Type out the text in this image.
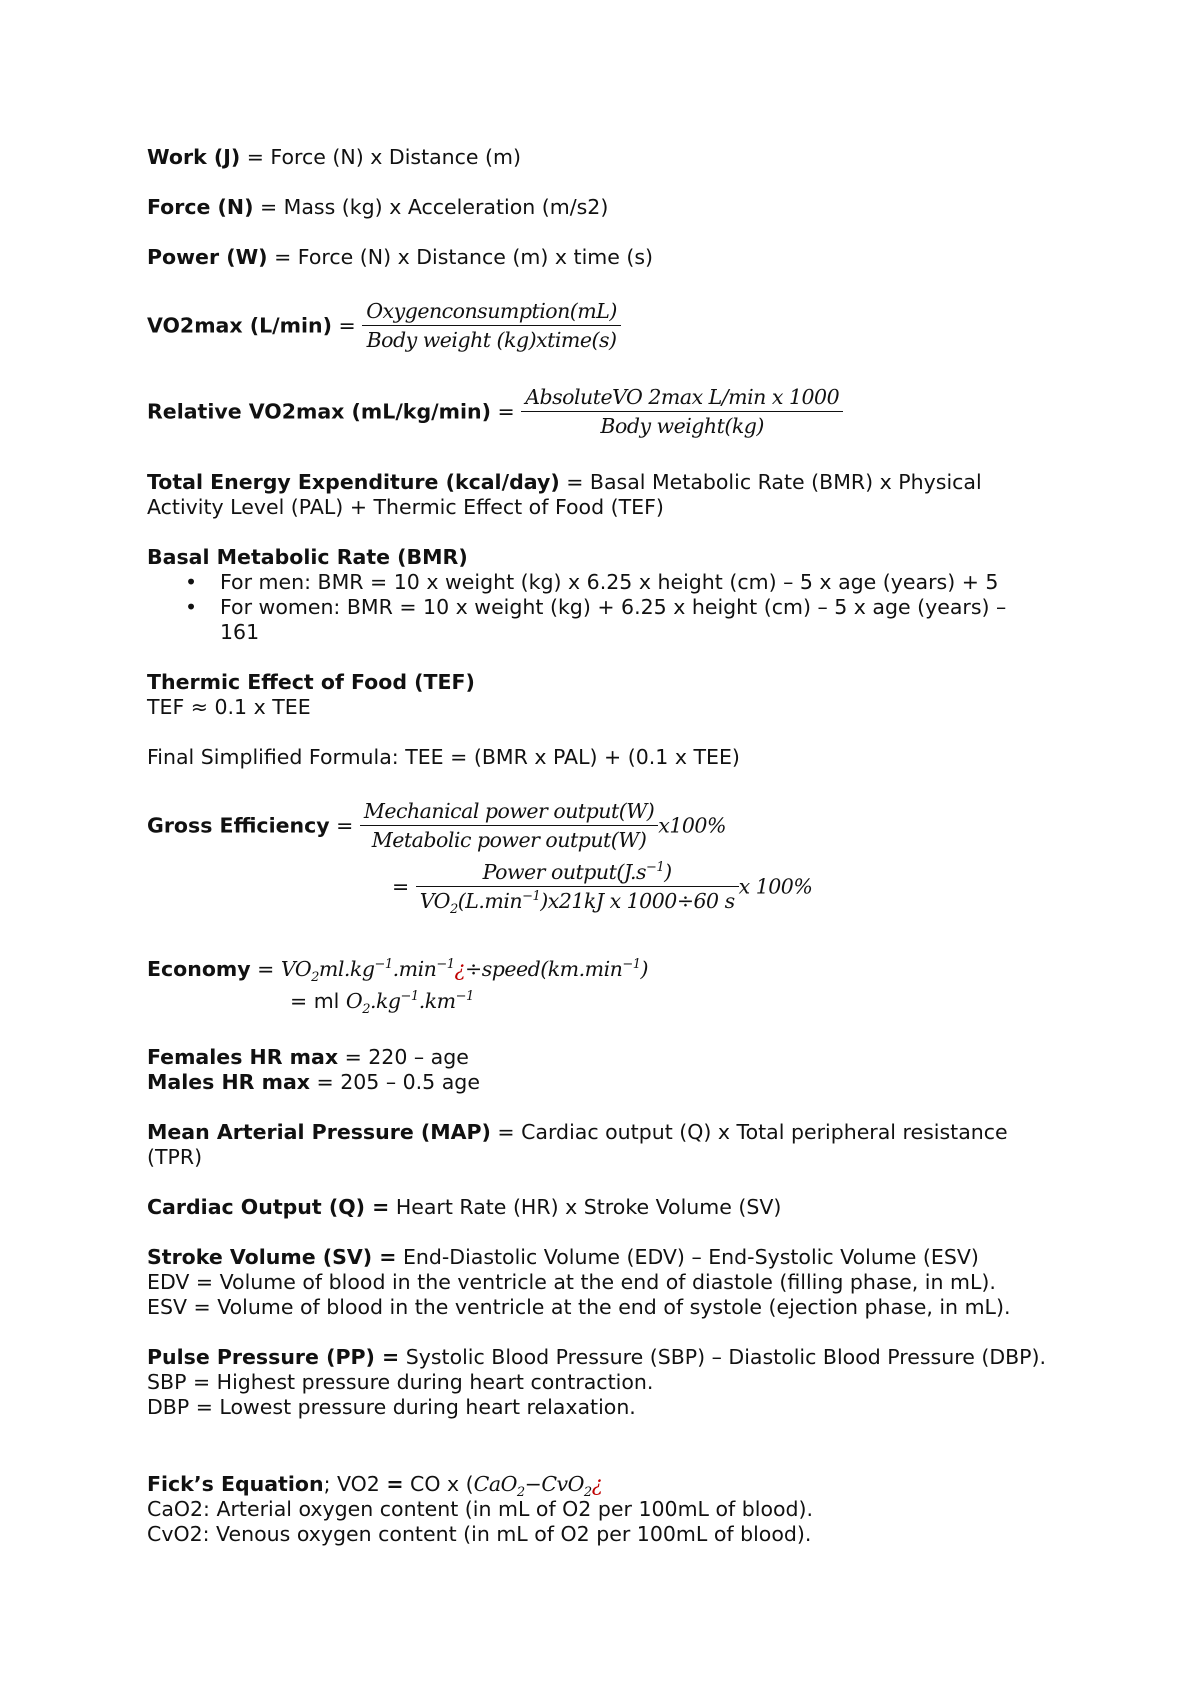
Work (J) = Force (N) x Distance (m)
Force (N) = Mass (kg) x Acceleration (m/s2)
Power (W) = Force (N) x Distance (m) x time (s)
VO2max $(L/\min) = \frac{\text{Oxygenconsumption(mL)}}{\text{Body weight (kg)xtime(s)}}$
Relative VO2max $(mL/kg/\min) = \frac{\text{AbsoluteVO 2max L/min x 1000}}{\text{Body weight(kg)}}$
Total Energy Expenditure (kcal/day) = Basal Metabolic Rate (BMR) x Physical Activity Level (PAL) + Thermic Effect of Food (TEF)
Basal Metabolic Rate (BMR)
• For men: BMR = 10 x weight (kg) x 6.25 x height (cm) – 5 x age (years) + 5
• For women: BMR = 10 x weight (kg) + 6.25 x height (cm) – 5 x age (years) – 161
Thermic Effect of Food (TEF)
TEF ≈ 0.1 x TEE
Final Simplified Formula: TEE = (BMR x PAL) + (0.1 x TEE)
Gross Efficiency = $\frac{\text{Mechanical power output(W)}}{\text{Metabolic power output(W)}} x100\%$
= $\frac{Power output(J.s^{-1})}{VO_2(L.\min^{-1})x21kJ x 1000\div 60 s}$ x 100%
Economy = $VO_2ml.kg^{-1}.\min^{-1}¿\div speed(km.\min^{-1})$
= ml $O_2.kg^{-1}.km^{-1}$
Females HR max = 220 – age
Males HR max = 205 – 0.5 age
Mean Arterial Pressure (MAP) = Cardiac output (Q) x Total peripheral resistance (TPR)
Cardiac Output (Q) = Heart Rate (HR) x Stroke Volume (SV)
Stroke Volume (SV) = End-Diastolic Volume (EDV) – End-Systolic Volume (ESV)
EDV = Volume of blood in the ventricle at the end of diastole (filling phase, in mL).
ESV = Volume of blood in the ventricle at the end of systole (ejection phase, in mL).
Pulse Pressure (PP) = Systolic Blood Pressure (SBP) – Diastolic Blood Pressure (DBP).
SBP = Highest pressure during heart contraction.
DBP = Lowest pressure during heart relaxation.
Fick’s Equation; VO2 = CO x (CaO$_2$−CvO$_2$¿
CaO2: Arterial oxygen content (in mL of O2 per 100mL of blood).
CvO2: Venous oxygen content (in mL of O2 per 100mL of blood).
